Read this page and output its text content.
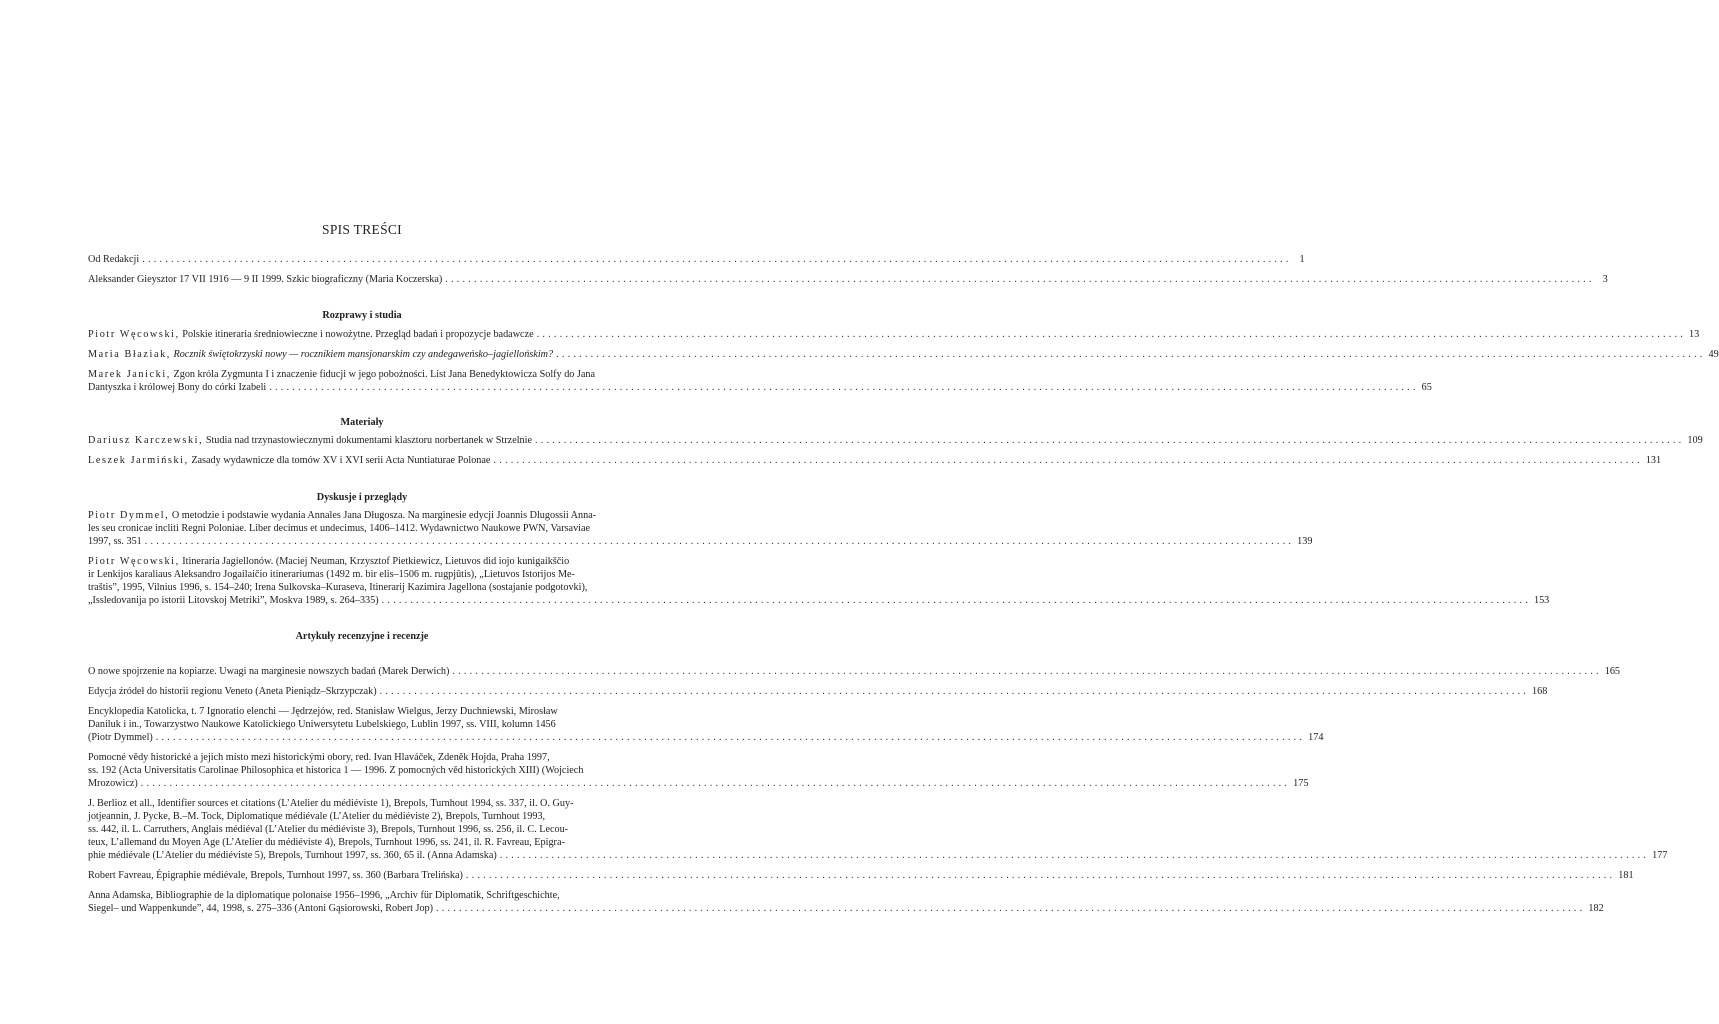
SPIS TREŚCI
Od Redakcji ........................................................................................................................................................................................................ 1
Aleksander Gieysztor 17 VII 1916 — 9 II 1999. Szkic biograficzny (Maria Koczerska) ........................................................................................................................................................................................................ 3
Rozprawy i studia
Piotr Węcowski, Polskie itineraria średniowieczne i nowożytne. Przegląd badań i propozycje badawcze ........................................................................................................................................................................................................ 13
Maria Błaziak, Rocznik świętokrzyski nowy — rocznikiem mansjonarskim czy andegaweńsko–jagiellońskim? ........................................................................................................................................................................................................ 49
Marek Janicki, Zgon króla Zygmunta I i znaczenie fiducji w jego pobożności. List Jana Benedyktowicza Solfy do Jana
Dantyszka i królowej Bony do córki Izabeli ........................................................................................................................................................................................................ 65
Materiały
Dariusz Karczewski, Studia nad trzynastowiecznymi dokumentami klasztoru norbertanek w Strzelnie ........................................................................................................................................................................................................ 109
Leszek Jarmiński, Zasady wydawnicze dla tomów XV i XVI serii Acta Nuntiaturae Polonae ........................................................................................................................................................................................................ 131
Dyskusje i przeglądy
Piotr Dymmel, O metodzie i podstawie wydania Annales Jana Długosza. Na marginesie edycji Joannis Dlugossii Anna-
les seu cronicae incliti Regni Poloniae. Liber decimus et undecimus, 1406–1412. Wydawnictwo Naukowe PWN, Varsaviae
1997, ss. 351 ........................................................................................................................................................................................................ 139
Piotr Węcowski, Itineraria Jagiellonów. (Maciej Neuman, Krzysztof Pietkiewicz, Lietuvos did iojo kunigaikščio
ir Lenkijos karaliaus Aleksandro Jogailaičio itinerariumas (1492 m. bir elis–1506 m. rugpjūtis), „Lietuvos Istorijos Me-
traštis”, 1995, Vilnius 1996, s. 154–240; Irena Sulkovska–Kuraseva, Itinerarij Kazimira Jagellona (sostajanie podgotovki),
„Issledovanija po istorii Litovskoj Metriki”, Moskva 1989, s. 264–335) ........................................................................................................................................................................................................ 153
Artykuły recenzyjne i recenzje
O nowe spojrzenie na kopiarze. Uwagi na marginesie nowszych badań (Marek Derwich) ........................................................................................................................................................................................................ 165
Edycja źródeł do historii regionu Veneto (Aneta Pieniądz–Skrzypczak) ........................................................................................................................................................................................................ 168
Encyklopedia Katolicka, t. 7 Ignoratio elenchi — Jędrzejów, red. Stanisław Wielgus, Jerzy Duchniewski, Mirosław
Daniluk i in., Towarzystwo Naukowe Katolickiego Uniwersytetu Lubelskiego, Lublin 1997, ss. VIII, kolumn 1456
(Piotr Dymmel) ........................................................................................................................................................................................................ 174
Pomocné vědy historické a jejich místo mezi historickými obory, red. Ivan Hlaváček, Zdeněk Hojda, Praha 1997,
ss. 192 (Acta Universitatis Carolinae Philosophica et historica 1 — 1996. Z pomocných věd historických XIII) (Wojciech
Mrozowicz) ........................................................................................................................................................................................................ 175
J. Berlioz et all., Identifier sources et citations (L’Atelier du médiéviste 1), Brepols, Turnhout 1994, ss. 337, il. O. Guy-
jotjeannin, J. Pycke, B.–M. Tock, Diplomatique médiévale (L’Atelier du médiéviste 2), Brepols, Turnhout 1993,
ss. 442, il. L. Carruthers, Anglais médiéval (L’Atelier du médiéviste 3), Brepols, Turnhout 1996, ss. 256, il. C. Lecou-
teux, L’allemand du Moyen Age (L’Atelier du médiéviste 4), Brepols, Turnhout 1996, ss. 241, il. R. Favreau, Epigra-
phie médiévale (L’Atelier du médiéviste 5), Brepols, Turnhout 1997, ss. 360, 65 il. (Anna Adamska) ........................................................................................................................................................................................................ 177
Robert Favreau, Épigraphie médiévale, Brepols, Turnhout 1997, ss. 360 (Barbara Trelińska) ........................................................................................................................................................................................................ 181
Anna Adamska, Bibliographie de la diplomatique polonaise 1956–1996, „Archiv für Diplomatik, Schriftgeschichte,
Siegel– und Wappenkunde”, 44, 1998, s. 275–336 (Antoni Gąsiorowski, Robert Jop) ........................................................................................................................................................................................................ 182
